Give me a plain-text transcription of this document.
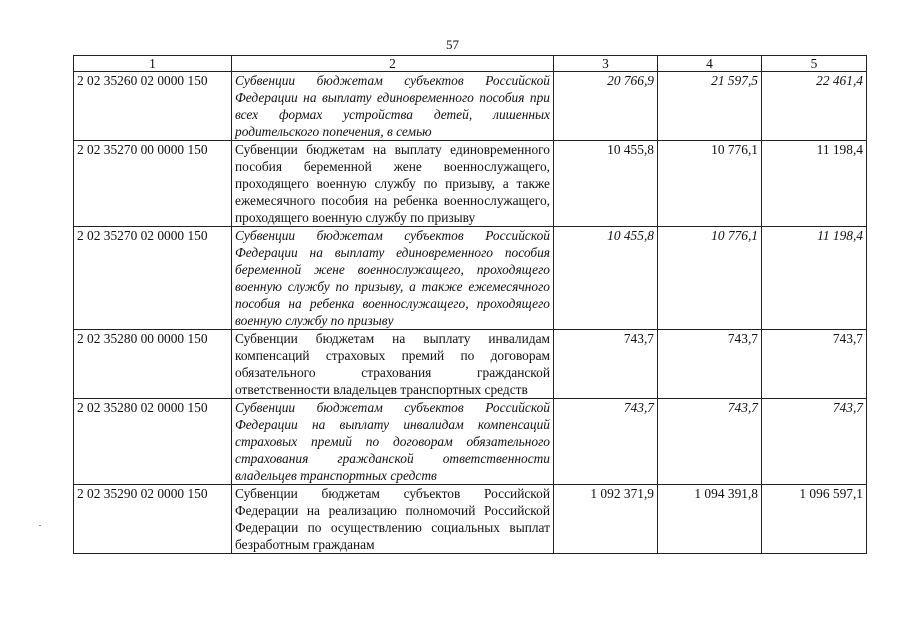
57
1	2	3	4	5
2 02 35260 02 0000 150	Субвенции бюджетам субъектов Российской Федерации на выплату единовременного пособия при всех формах устройства детей, лишенных родительского попечения, в семью	20 766,9	21 597,5	22 461,4
2 02 35270 00 0000 150	Субвенции бюджетам на выплату единовременного пособия беременной жене военнослужащего, проходящего военную службу по призыву, а также ежемесячного пособия на ребенка военнослужащего, проходящего военную службу по призыву	10 455,8	10 776,1	11 198,4
2 02 35270 02 0000 150	Субвенции бюджетам субъектов Российской Федерации на выплату единовременного пособия беременной жене военнослужащего, проходящего военную службу по призыву, а также ежемесячного пособия на ребенка военнослужащего, проходящего военную службу по призыву	10 455,8	10 776,1	11 198,4
2 02 35280 00 0000 150	Субвенции бюджетам на выплату инвалидам компенсаций страховых премий по договорам обязательного страхования гражданской ответственности владельцев транспортных средств	743,7	743,7	743,7
2 02 35280 02 0000 150	Субвенции бюджетам субъектов Российской Федерации на выплату инвалидам компенсаций страховых премий по договорам обязательного страхования гражданской ответственности владельцев транспортных средств	743,7	743,7	743,7
2 02 35290 02 0000 150	Субвенции бюджетам субъектов Российской Федерации на реализацию полномочий Российской Федерации по осуществлению социальных выплат безработным гражданам	1 092 371,9	1 094 391,8	1 096 597,1
